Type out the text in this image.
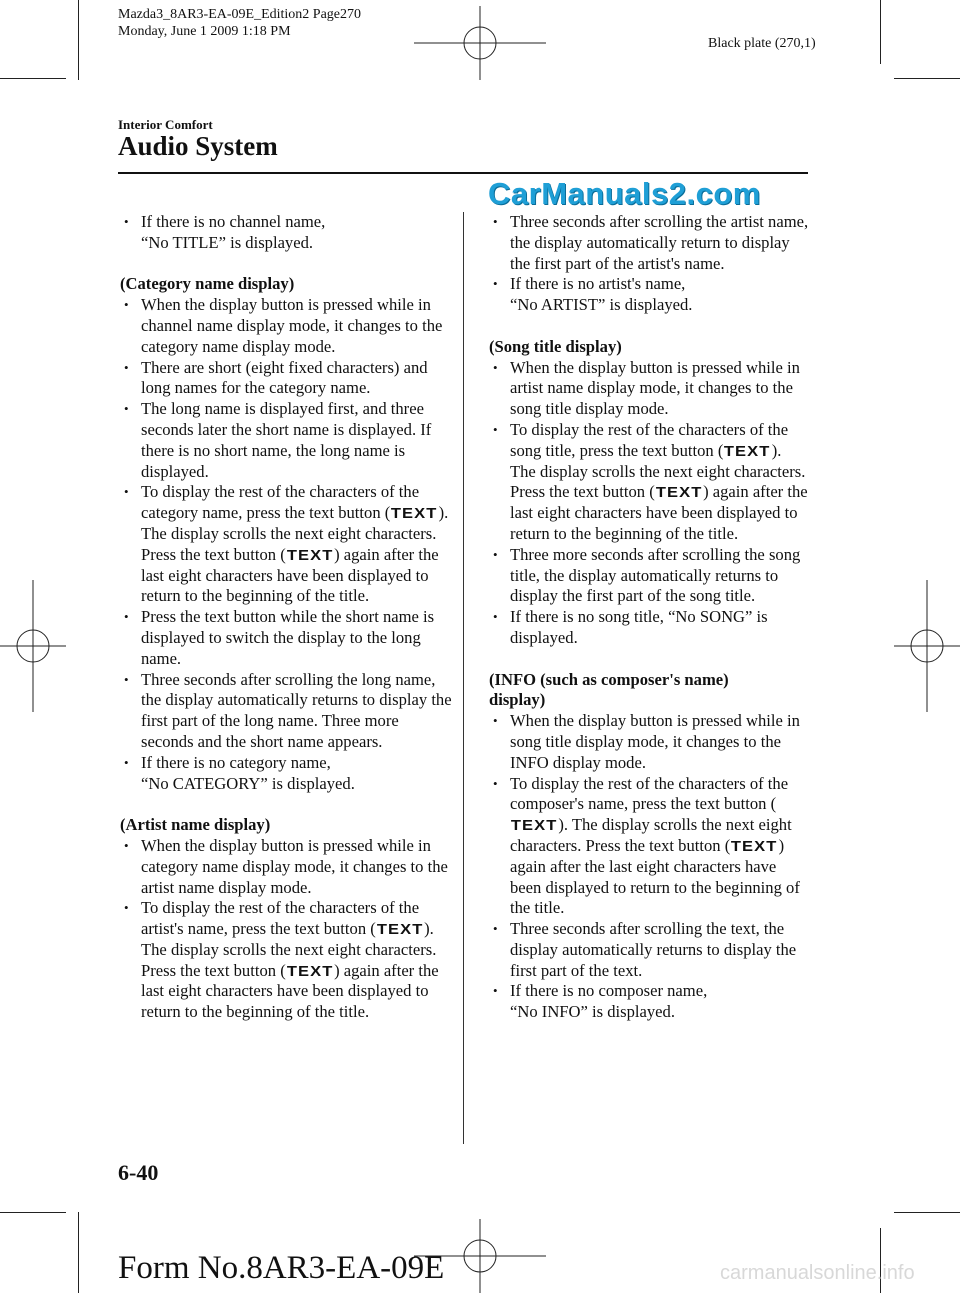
Mazda3_8AR3-EA-09E_Edition2 Page270
Monday, June 1 2009 1:18 PM
Black plate (270,1)
Interior Comfort
Audio System
CarManuals2.com
• If there is no channel name,
“No TITLE” is displayed.
(Category name display)
• When the display button is pressed while in channel name display mode, it changes to the category name display mode.
• There are short (eight fixed characters) and long names for the category name.
• The long name is displayed first, and three seconds later the short name is displayed. If there is no short name, the long name is displayed.
• To display the rest of the characters of the category name, press the text button (TEXT). The display scrolls the next eight characters. Press the text button (TEXT) again after the last eight characters have been displayed to return to the beginning of the title.
• Press the text button while the short name is displayed to switch the display to the long name.
• Three seconds after scrolling the long name, the display automatically returns to display the first part of the long name. Three more seconds and the short name appears.
• If there is no category name,
“No CATEGORY” is displayed.
(Artist name display)
• When the display button is pressed while in category name display mode, it changes to the artist name display mode.
• To display the rest of the characters of the artist's name, press the text button (TEXT). The display scrolls the next eight characters. Press the text button (TEXT) again after the last eight characters have been displayed to return to the beginning of the title.
• Three seconds after scrolling the artist name, the display automatically return to display the first part of the artist's name.
• If there is no artist's name,
“No ARTIST” is displayed.
(Song title display)
• When the display button is pressed while in artist name display mode, it changes to the song title display mode.
• To display the rest of the characters of the song title, press the text button (TEXT). The display scrolls the next eight characters. Press the text button (TEXT) again after the last eight characters have been displayed to return to the beginning of the title.
• Three more seconds after scrolling the song title, the display automatically returns to display the first part of the song title.
• If there is no song title, “No SONG” is displayed.
(INFO (such as composer's name)
display)
• When the display button is pressed while in song title display mode, it changes to the INFO display mode.
• To display the rest of the characters of the composer's name, press the text button (TEXT). The display scrolls the next eight characters. Press the text button (TEXT) again after the last eight characters have been displayed to return to the beginning of the title.
• Three seconds after scrolling the text, the display automatically returns to display the first part of the text.
• If there is no composer name,
“No INFO” is displayed.
6-40
Form No.8AR3-EA-09E	carmanualsonline.info
